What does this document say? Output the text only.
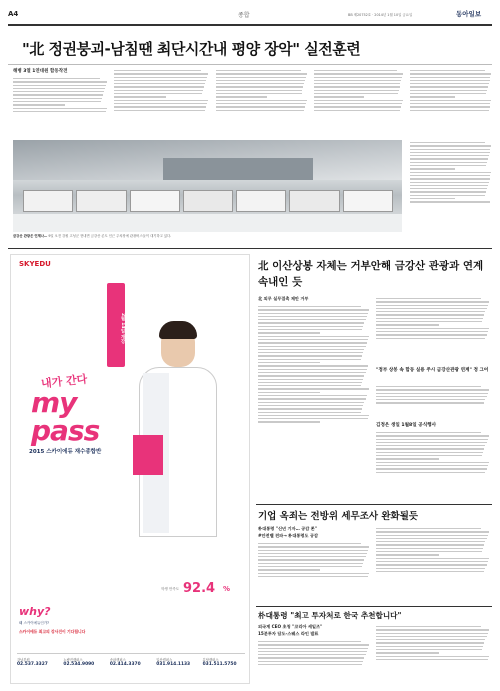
A4	종합	BB 제20752호 · 2014년 1월 10일 금요일	동아일보
"北 정권붕괴-남침땐 최단시간내 평양 장악" 실전훈련
해병 3열 1연대원 합동작전
금강산 관광은 언제나… 9일 오전 강원 고성군 현내면 금강산 콘도 인근 주차장에 관광버스들이 대기하고 있다.
SKYEDU
2월 14일 개강
내가 간다
my pass
2015 스카이에듀 재수종합반
학생 만족도 92.4 %
why?
왜 스카이에듀인가?
스카이에듀 최고의 강사진이 기다립니다
강남본원
02.537.3327
노량진캠퍼스
02.534.9090
송파캠퍼스
02.414.3370
일산캠퍼스
031.914.1133
분당캠퍼스
031.511.5750
北 이산상봉 자체는 거부안해 금강산 관광과 연계 속내인 듯
北 외무 실무접촉 제안 거부
"정부 상봉 속 합동 실용 주시 금강산관광 연계" 정 그어
김정은 생일 1월8일 공식행사
기업 옥죄는 전방위 세무조사 완화될듯
朴대통령 "신년 기자… 공감 톤"
#안전벨 전파→ 朴대통령도 공감
朴대통령 "최고 투자처로 한국 추천합니다"
외국계 CEO 초청 "코리아 세일즈"
15분투자 담도-스웨스 라인 발표
